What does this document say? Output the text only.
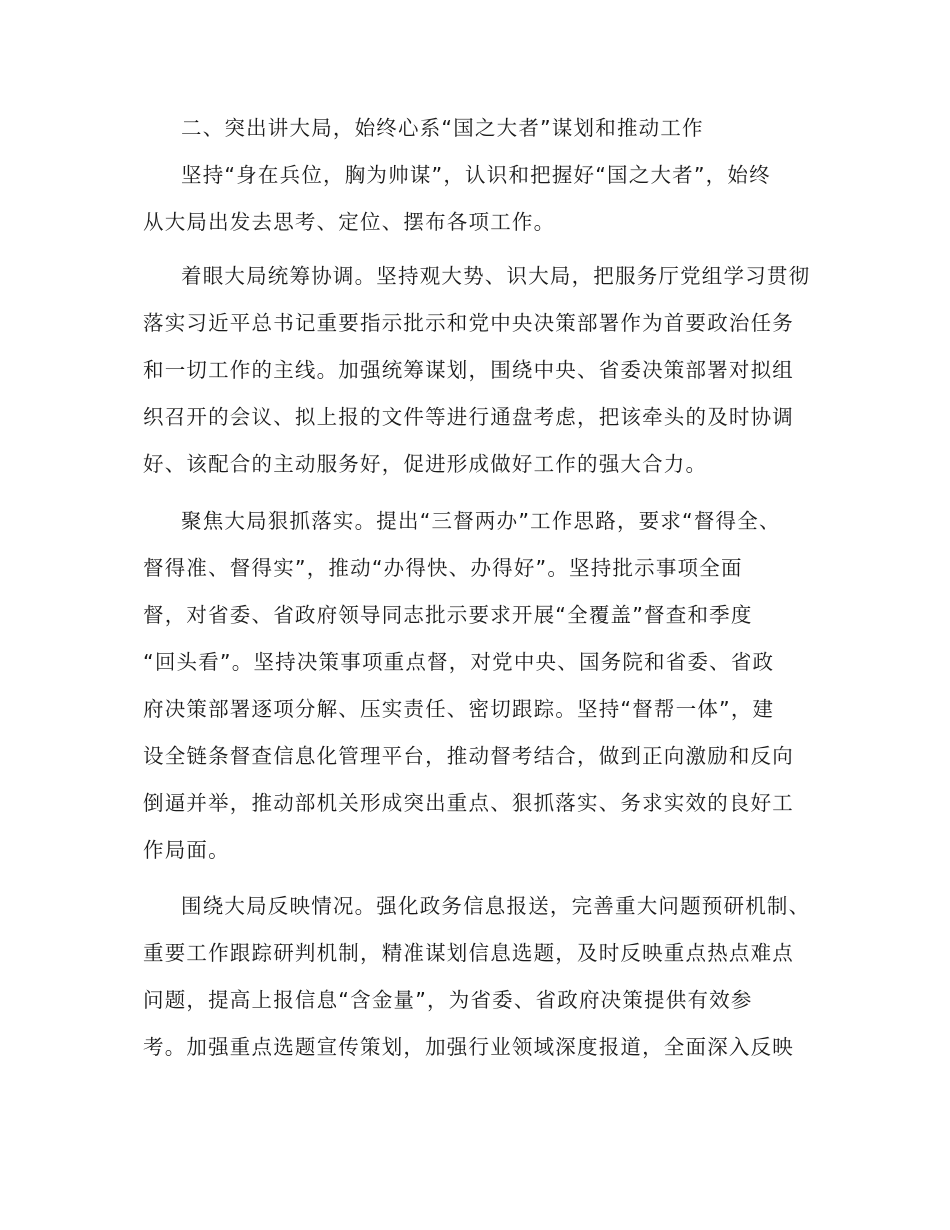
二、突出讲大局，始终心系“国之大者”谋划和推动工作
坚持“身在兵位，胸为帅谋”，认识和把握好“国之大者”，始终
从大局出发去思考、定位、摆布各项工作。
着眼大局统筹协调。坚持观大势、识大局，把服务厅党组学习贯彻
落实习近平总书记重要指示批示和党中央决策部署作为首要政治任务
和一切工作的主线。加强统筹谋划，围绕中央、省委决策部署对拟组
织召开的会议、拟上报的文件等进行通盘考虑，把该牵头的及时协调
好、该配合的主动服务好，促进形成做好工作的强大合力。
聚焦大局狠抓落实。提出“三督两办”工作思路，要求“督得全、
督得准、督得实”，推动“办得快、办得好”。坚持批示事项全面
督，对省委、省政府领导同志批示要求开展“全覆盖”督查和季度
“回头看”。坚持决策事项重点督，对党中央、国务院和省委、省政
府决策部署逐项分解、压实责任、密切跟踪。坚持“督帮一体”，建
设全链条督查信息化管理平台，推动督考结合，做到正向激励和反向
倒逼并举，推动部机关形成突出重点、狠抓落实、务求实效的良好工
作局面。
围绕大局反映情况。强化政务信息报送，完善重大问题预研机制、
重要工作跟踪研判机制，精准谋划信息选题，及时反映重点热点难点
问题，提高上报信息“含金量”，为省委、省政府决策提供有效参
考。加强重点选题宣传策划，加强行业领域深度报道，全面深入反映
